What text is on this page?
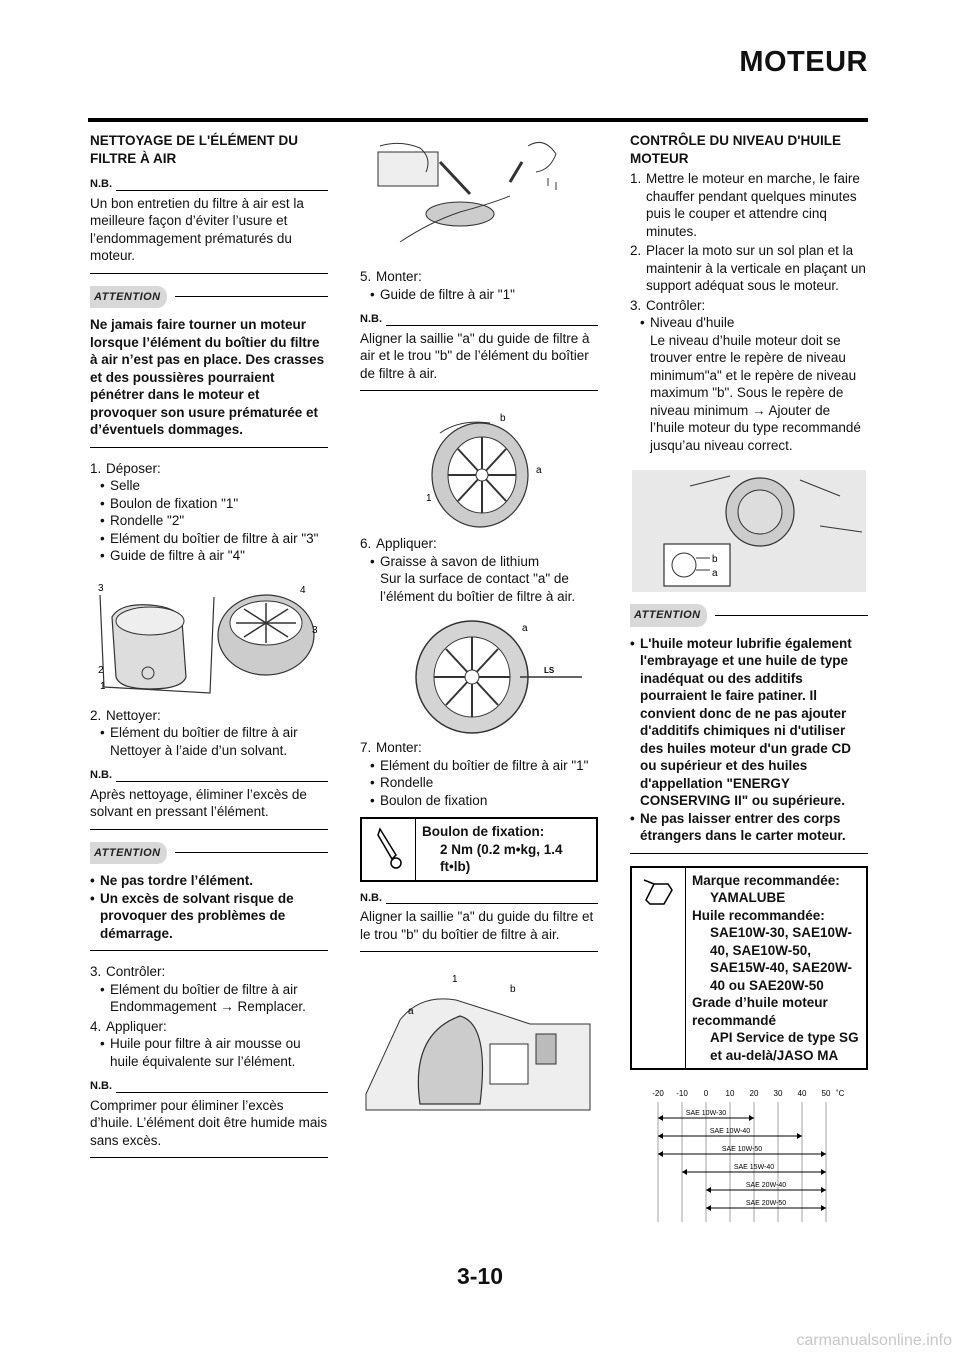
MOTEUR
NETTOYAGE DE L'ÉLÉMENT DU FILTRE À AIR
N.B.
Un bon entretien du filtre à air est la meilleure façon d’éviter l’usure et l’endommagement prématurés du moteur.
ATTENTION
Ne jamais faire tourner un moteur lorsque l’élément du boîtier du filtre à air n’est pas en place. Des crasses et des poussières pourraient pénétrer dans le moteur et provoquer son usure prématurée et d’éventuels dommages.
1. Déposer:
• Selle
• Boulon de fixation "1"
• Rondelle "2"
• Elément du boîtier de filtre à air "3"
• Guide de filtre à air "4"
3	4
3
2
1
2. Nettoyer:
• Elément du boîtier de filtre à air
Nettoyer à l’aide d’un solvant.
N.B.
Après nettoyage, éliminer l’excès de solvant en pressant l’élément.
ATTENTION
• Ne pas tordre l’élément.
• Un excès de solvant risque de provoquer des problèmes de démarrage.
3. Contrôler:
• Elément du boîtier de filtre à air
Endommagement → Remplacer.
4. Appliquer:
• Huile pour filtre à air mousse ou huile équivalente sur l’élément.
N.B.
Comprimer pour éliminer l’excès d’huile. L’élément doit être humide mais sans excès.
5. Monter:
• Guide de filtre à air "1"
N.B.
Aligner la saillie "a" du guide de filtre à air et le trou "b" de l’élément du boîtier de filtre à air.
b
a
1
6. Appliquer:
• Graisse à savon de lithium
Sur la surface de contact "a" de l’élément du boîtier de filtre à air.
a
LS
7. Monter:
• Elément du boîtier de filtre à air "1"
• Rondelle
• Boulon de fixation
Boulon de fixation:
2 Nm (0.2 m•kg, 1.4 ft•lb)
N.B.
Aligner la saillie "a" du guide du filtre et le trou "b" du boîtier de filtre à air.
1
b
a
CONTRÔLE DU NIVEAU D'HUILE MOTEUR
1. Mettre le moteur en marche, le faire chauffer pendant quelques minutes puis le couper et attendre cinq minutes.
2. Placer la moto sur un sol plan et la maintenir à la verticale en plaçant un support adéquat sous le moteur.
3. Contrôler:
• Niveau d'huile
Le niveau d’huile moteur doit se trouver entre le repère de niveau minimum"a" et le repère de niveau maximum "b". Sous le repère de niveau minimum → Ajouter de l’huile moteur du type recommandé jusqu’au niveau correct.
b
a
ATTENTION
• L'huile moteur lubrifie également l'embrayage et une huile de type inadéquat ou des additifs pourraient le faire patiner. Il convient donc de ne pas ajouter d'additifs chimiques ni d'utiliser des huiles moteur d'un grade CD ou supérieur et des huiles d'appellation "ENERGY CONSERVING II" ou supérieure.
• Ne pas laisser entrer des corps étrangers dans le carter moteur.
Marque recommandée:
YAMALUBE
Huile recommandée:
SAE10W-30, SAE10W-40, SAE10W-50, SAE15W-40, SAE20W-40 ou SAE20W-50
Grade d’huile moteur recommandé
API Service de type SG et au-delà/JASO MA
-20 -10 0 10 20 30 40 50 ˚C
SAE 10W-30
SAE 10W-40
SAE 10W-50
SAE 15W-40
SAE 20W-40
SAE 20W-50
3-10
carmanualsonline.info
